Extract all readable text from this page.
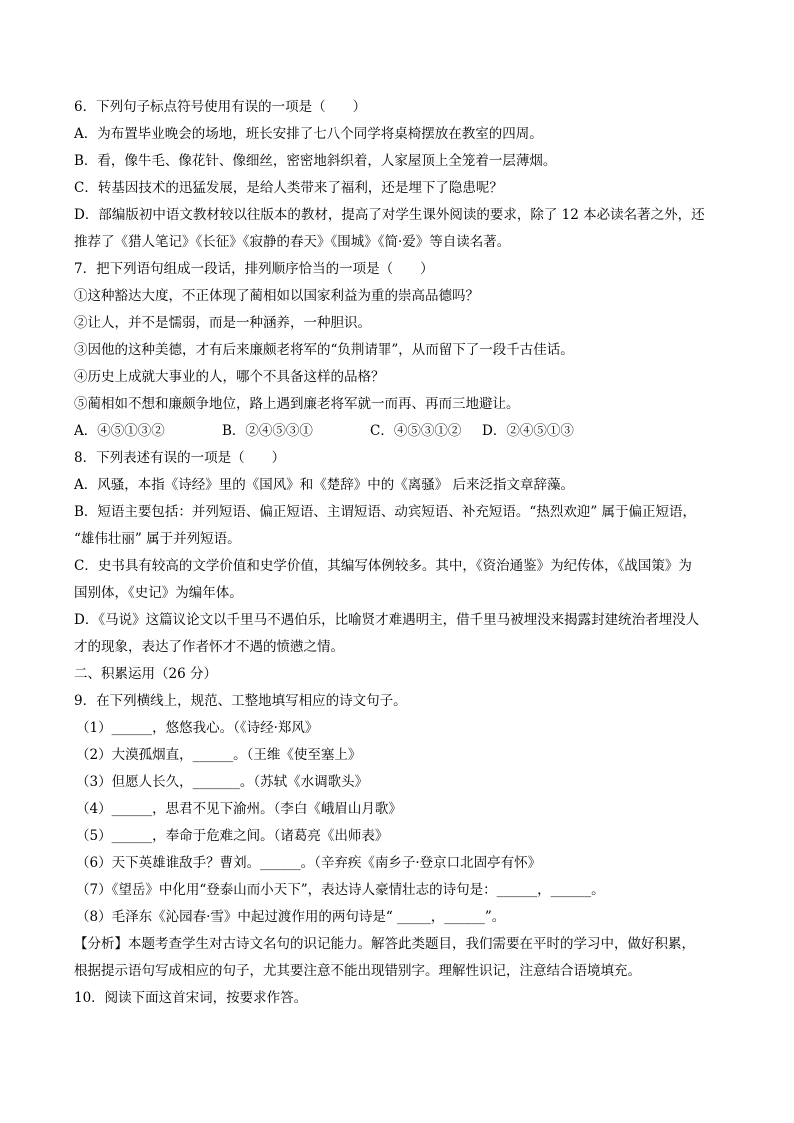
6．下列句子标点符号使用有误的一项是（　　）
A．为布置毕业晚会的场地，班长安排了七八个同学将桌椅摆放在教室的四周。
B．看，像牛毛、像花针、像细丝，密密地斜织着，人家屋顶上全笼着一层薄烟。
C．转基因技术的迅猛发展，是给人类带来了福利，还是埋下了隐患呢？
D．部编版初中语文教材较以往版本的教材，提高了对学生课外阅读的要求，除了 12 本必读名著之外，还
推荐了《猎人笔记》《长征》《寂静的春天》《围城》《简·爱》等自读名著。
7．把下列语句组成一段话，排列顺序恰当的一项是（　　）
①这种豁达大度，不正体现了蔺相如以国家利益为重的崇高品德吗？
②让人，并不是懦弱，而是一种涵养，一种胆识。
③因他的这种美德，才有后来廉颇老将军的“负荆请罪”，从而留下了一段千古佳话。
④历史上成就大事业的人，哪个不具备这样的品格？
⑤蔺相如不想和廉颇争地位，路上遇到廉老将军就一而再、再而三地避让。
A．④⑤①③②	B．②④⑤③①	C．④⑤③①②	D．②④⑤①③
8．下列表述有误的一项是（　　）
A．风骚，本指《诗经》里的《国风》和《楚辞》中的《离骚》 后来泛指文章辞藻。
B．短语主要包括：并列短语、偏正短语、主谓短语、动宾短语、补充短语。“热烈欢迎” 属于偏正短语，
“雄伟壮丽” 属于并列短语。
C．史书具有较高的文学价值和史学价值，其编写体例较多。其中，《资治通鉴》为纪传体，《战国策》为
国别体，《史记》为编年体。
D．《马说》这篇议论文以千里马不遇伯乐，比喻贤才难遇明主，借千里马被埋没来揭露封建统治者埋没人
才的现象，表达了作者怀才不遇的愤懑之情。
二、积累运用（26 分）
9．在下列横线上，规范、工整地填写相应的诗文句子。
（1）______，悠悠我心。（《诗经·郑风》
（2）大漠孤烟直，______。（王维《使至塞上》
（3）但愿人长久，_______。（苏轼《水调歌头》
（4）______，思君不见下渝州。（李白《峨眉山月歌》
（5）______，奉命于危难之间。（诸葛亮《出师表》
（6）天下英雄谁敌手？曹刘。______。（辛弃疾《南乡子·登京口北固亭有怀》
（7）《望岳》中化用“登泰山而小天下”，表达诗人豪情壮志的诗句是：______，______。
（8）毛泽东《沁园春·雪》中起过渡作用的两句诗是“ _____，______”。
【分析】本题考查学生对古诗文名句的识记能力。解答此类题目，我们需要在平时的学习中，做好积累，
根据提示语句写成相应的句子，尤其要注意不能出现错别字。理解性识记，注意结合语境填充。
10．阅读下面这首宋词，按要求作答。
